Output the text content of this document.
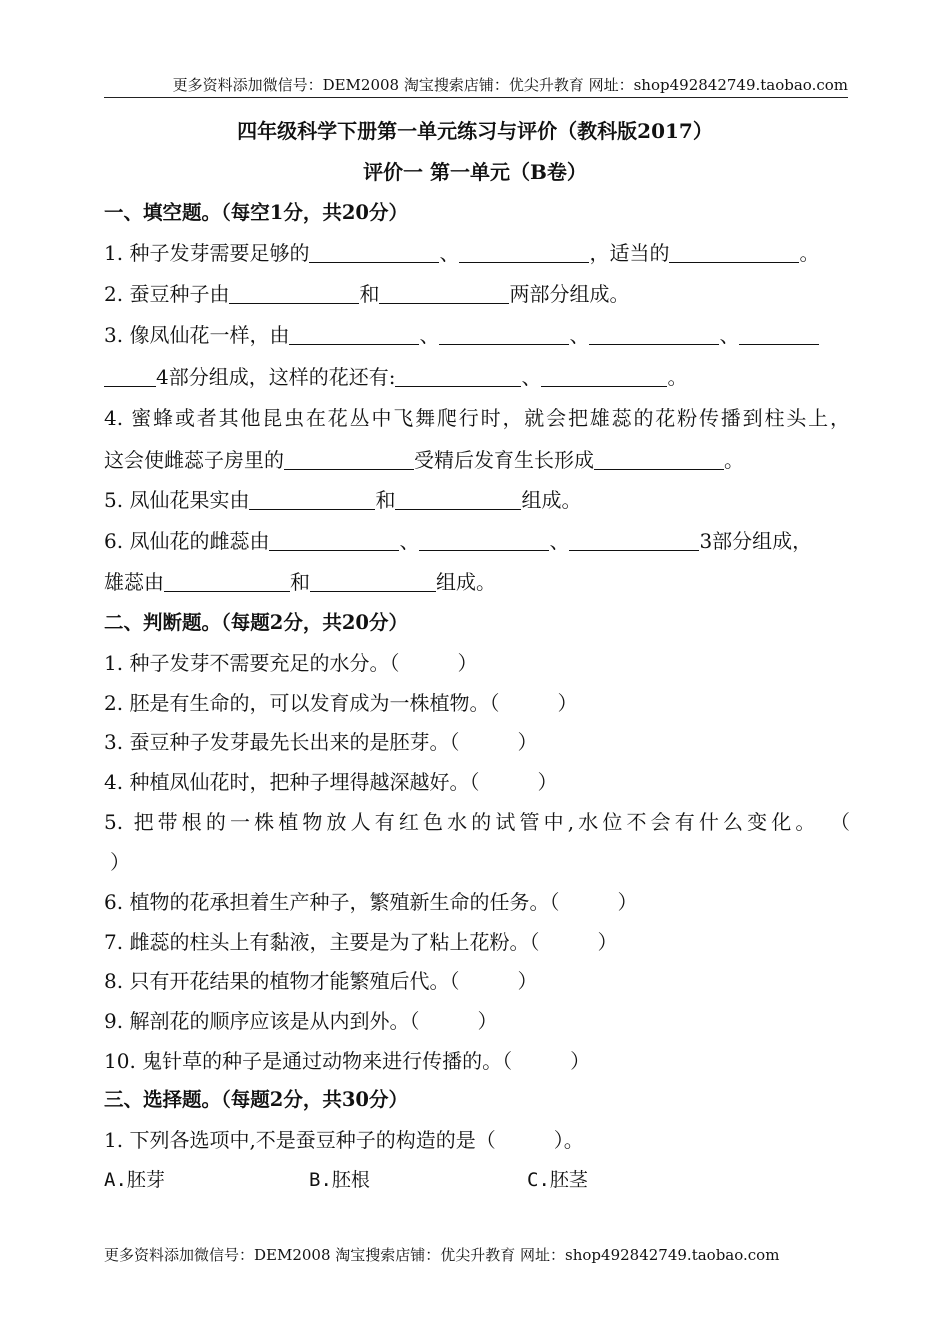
更多资料添加微信号：DEM2008 淘宝搜索店铺：优尖升教育 网址：shop492842749.taobao.com
四年级科学下册第一单元练习与评价（教科版2017）
评价一 第一单元（B卷）
一、填空题。（每空1分，共20分）
1. 种子发芽需要足够的	、	，适当的	。
2. 蚕豆种子由	和	两部分组成。
3. 像凤仙花一样，由	、	、	、
4部分组成，这样的花还有:	、	。
4. 蜜蜂或者其他昆虫在花丛中飞舞爬行时，就会把雄蕊的花粉传播到柱头上，
这会使雌蕊子房里的	受精后发育生长形成	。
5. 凤仙花果实由	和	组成。
6. 凤仙花的雌蕊由	、	、	3部分组成，
雄蕊由	和	组成。
二、判断题。（每题2分，共20分）
1. 种子发芽不需要充足的水分。（	）
2. 胚是有生命的，可以发育成为一株植物。（	）
3. 蚕豆种子发芽最先长出来的是胚芽。（	）
4. 种植凤仙花时，把种子埋得越深越好。（	）
5. 把带根的一株植物放人有红色水的试管中,水位不会有什么变化。 （
）
6. 植物的花承担着生产种子，繁殖新生命的任务。（	）
7. 雌蕊的柱头上有黏液，主要是为了粘上花粉。（	）
8. 只有开花结果的植物才能繁殖后代。（	）
9. 解剖花的顺序应该是从内到外。（	）
10. 鬼针草的种子是通过动物来进行传播的。（	）
三、选择题。（每题2分，共30分）
1. 下列各选项中,不是蚕豆种子的构造的是（	）。
A.胚芽	B.胚根	C.胚茎
更多资料添加微信号：DEM2008 淘宝搜索店铺：优尖升教育 网址：shop492842749.taobao.com
